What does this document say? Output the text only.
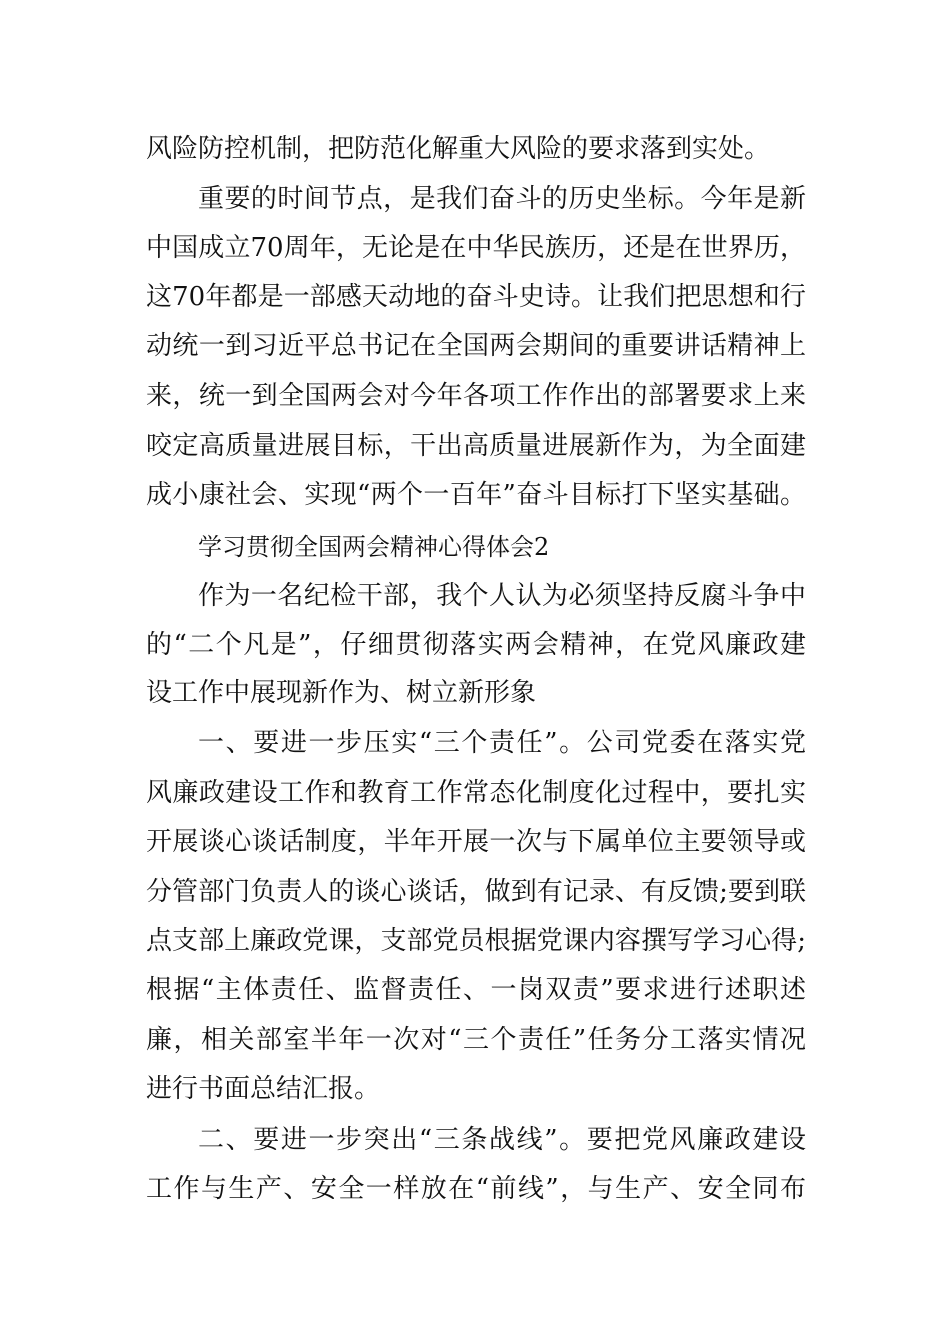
风险防控机制，把防范化解重大风险的要求落到实处。
重要的时间节点，是我们奋斗的历史坐标。今年是新
中国成立70周年，无论是在中华民族历，还是在世界历，
这70年都是一部感天动地的奋斗史诗。让我们把思想和行
动统一到习近平总书记在全国两会期间的重要讲话精神上
来，统一到全国两会对今年各项工作作出的部署要求上来
咬定高质量进展目标，干出高质量进展新作为，为全面建
成小康社会、实现“两个一百年”奋斗目标打下坚实基础。
学习贯彻全国两会精神心得体会2
作为一名纪检干部，我个人认为必须坚持反腐斗争中
的“二个凡是”，仔细贯彻落实两会精神，在党风廉政建
设工作中展现新作为、树立新形象
一、要进一步压实“三个责任”。公司党委在落实党
风廉政建设工作和教育工作常态化制度化过程中，要扎实
开展谈心谈话制度，半年开展一次与下属单位主要领导或
分管部门负责人的谈心谈话，做到有记录、有反馈;要到联
点支部上廉政党课，支部党员根据党课内容撰写学习心得;
根据“主体责任、监督责任、一岗双责”要求进行述职述
廉，相关部室半年一次对“三个责任”任务分工落实情况
进行书面总结汇报。
二、要进一步突出“三条战线”。要把党风廉政建设
工作与生产、安全一样放在“前线”，与生产、安全同布
